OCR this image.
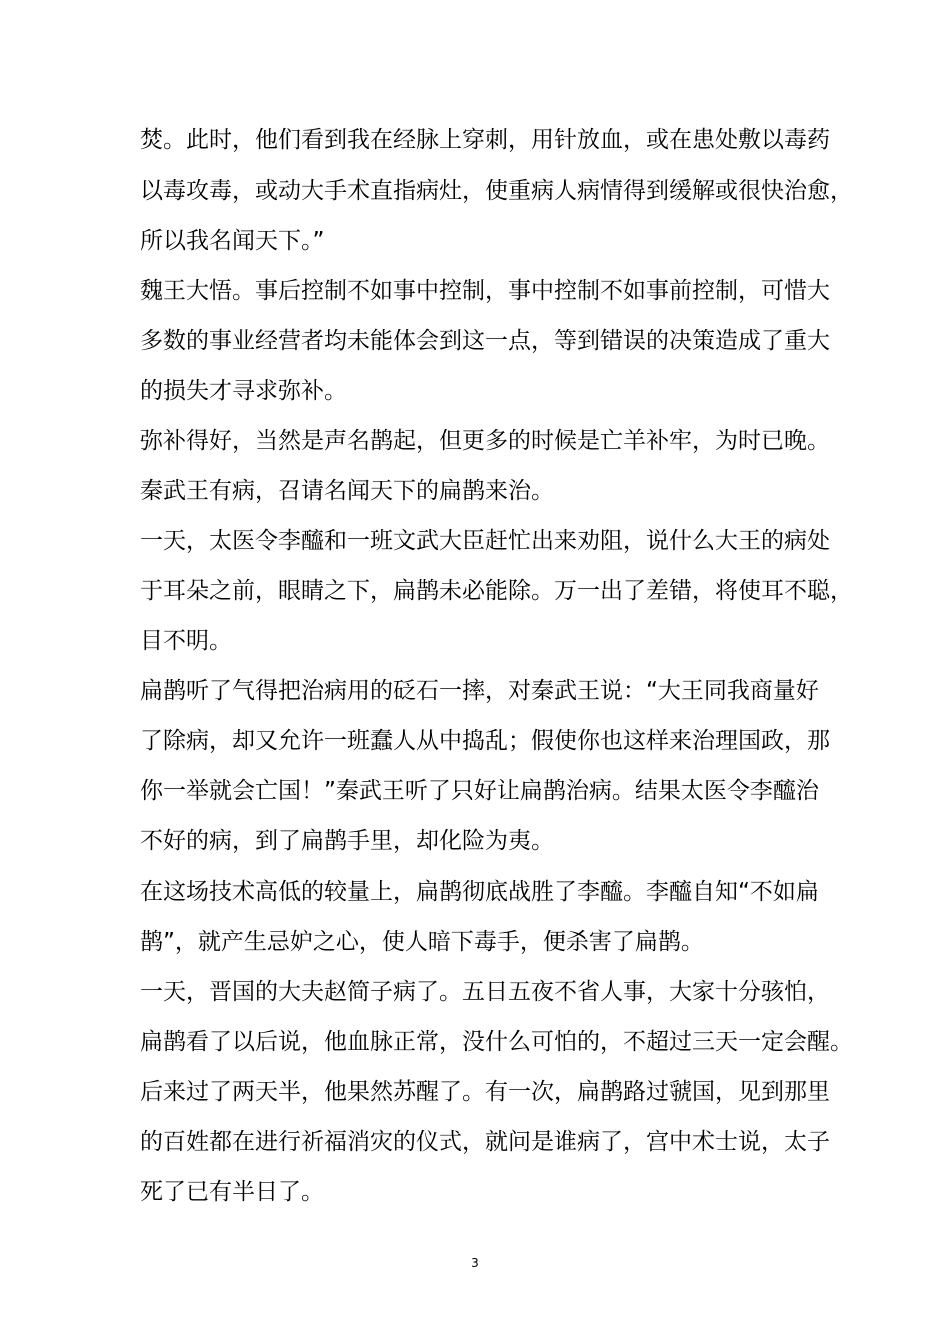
焚。此时，他们看到我在经脉上穿刺，用针放血，或在患处敷以毒药
以毒攻毒，或动大手术直指病灶，使重病人病情得到缓解或很快治愈，
所以我名闻天下。”
魏王大悟。事后控制不如事中控制，事中控制不如事前控制，可惜大
多数的事业经营者均未能体会到这一点，等到错误的决策造成了重大
的损失才寻求弥补。
弥补得好，当然是声名鹊起，但更多的时候是亡羊补牢，为时已晚。
秦武王有病，召请名闻天下的扁鹊来治。
一天，太医令李醯和一班文武大臣赶忙出来劝阻，说什么大王的病处
于耳朵之前，眼睛之下，扁鹊未必能除。万一出了差错，将使耳不聪，
目不明。
扁鹊听了气得把治病用的砭石一摔，对秦武王说：“大王同我商量好
了除病，却又允许一班蠢人从中捣乱；假使你也这样来治理国政，那
你一举就会亡国！”秦武王听了只好让扁鹊治病。结果太医令李醯治
不好的病，到了扁鹊手里，却化险为夷。
在这场技术高低的较量上，扁鹊彻底战胜了李醯。李醯自知“不如扁
鹊”，就产生忌妒之心，使人暗下毒手，便杀害了扁鹊。
一天，晋国的大夫赵简子病了。五日五夜不省人事，大家十分骇怕，
扁鹊看了以后说，他血脉正常，没什么可怕的，不超过三天一定会醒。
后来过了两天半，他果然苏醒了。有一次，扁鹊路过虢国，见到那里
的百姓都在进行祈福消灾的仪式，就问是谁病了，宫中术士说，太子
死了已有半日了。
3
